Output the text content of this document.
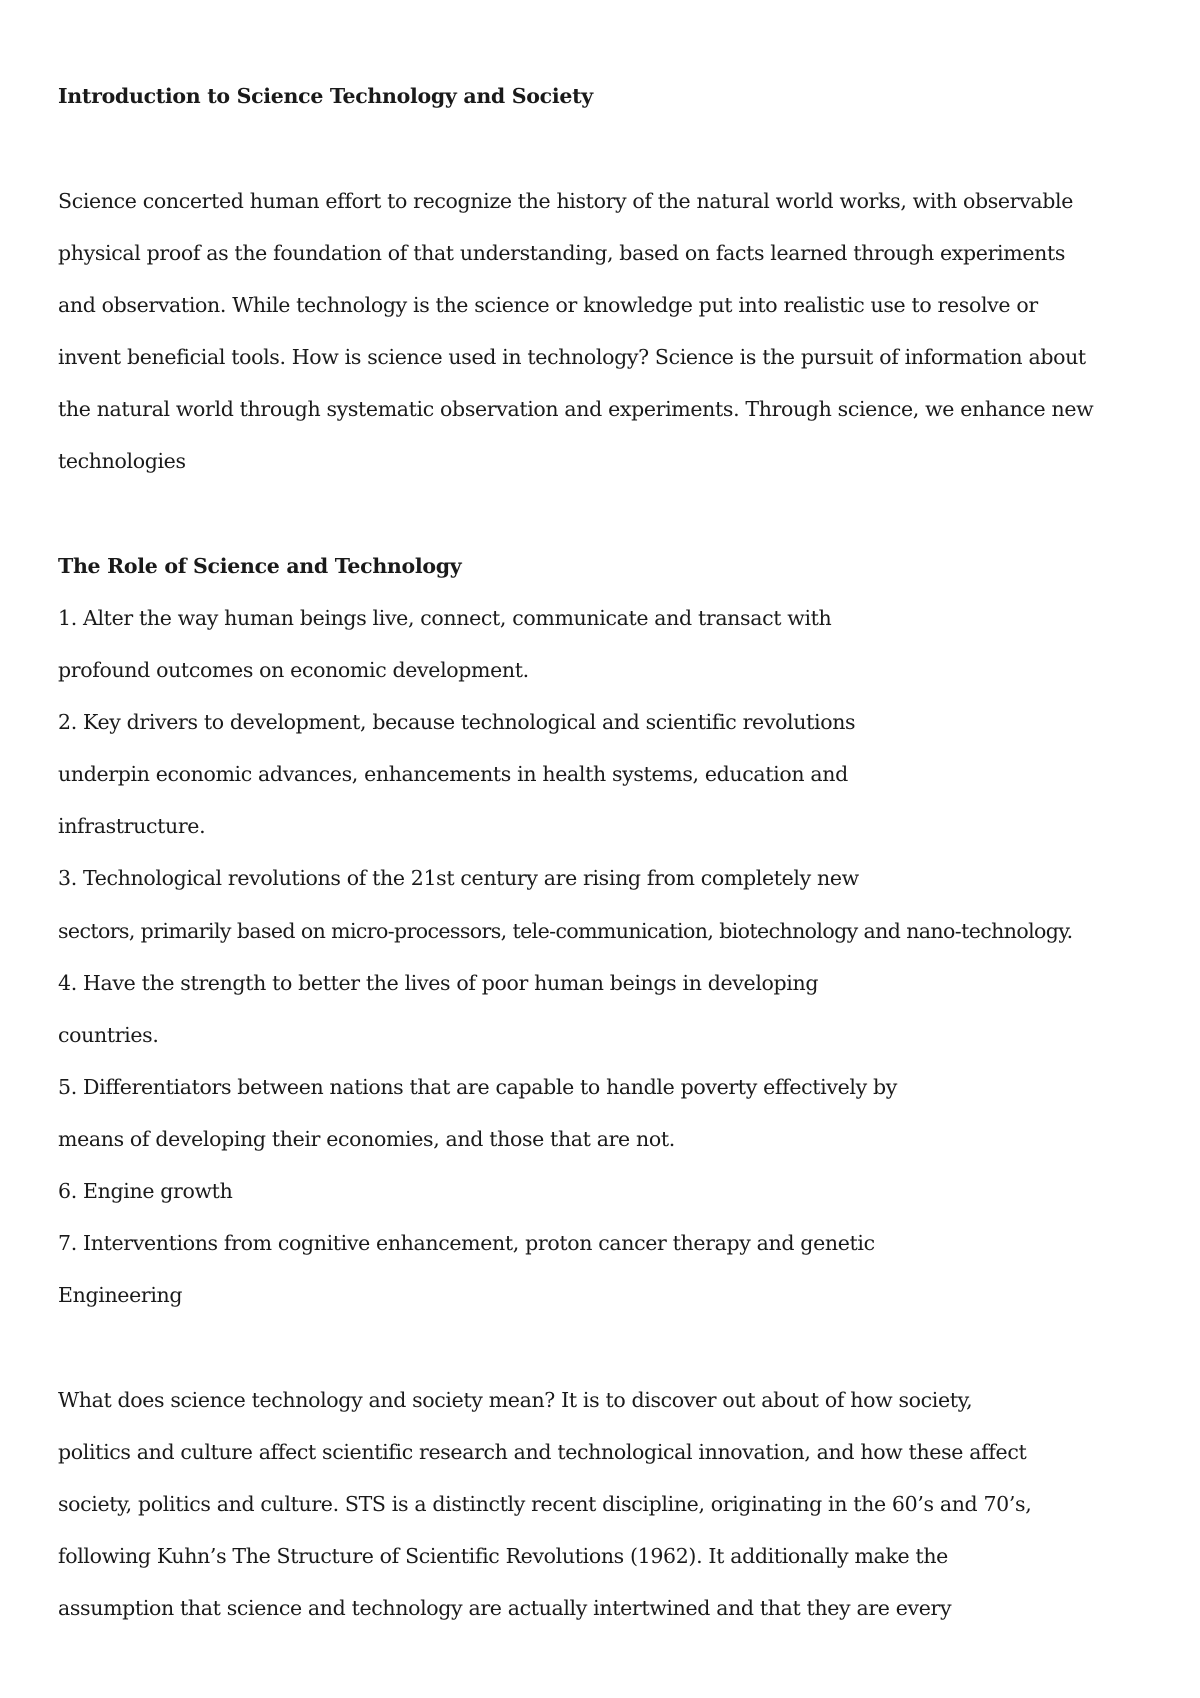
Introduction to Science Technology and Society
Science concerted human effort to recognize the history of the natural world works, with observable
physical proof as the foundation of that understanding, based on facts learned through experiments
and observation. While technology is the science or knowledge put into realistic use to resolve or
invent beneficial tools. How is science used in technology? Science is the pursuit of information about
the natural world through systematic observation and experiments. Through science, we enhance new
technologies
The Role of Science and Technology
1. Alter the way human beings live, connect, communicate and transact with
profound outcomes on economic development.
2. Key drivers to development, because technological and scientific revolutions
underpin economic advances, enhancements in health systems, education and
infrastructure.
3. Technological revolutions of the 21st century are rising from completely new
sectors, primarily based on micro-processors, tele-communication, biotechnology and nano-technology.
4. Have the strength to better the lives of poor human beings in developing
countries.
5. Differentiators between nations that are capable to handle poverty effectively by
means of developing their economies, and those that are not.
6. Engine growth
7. Interventions from cognitive enhancement, proton cancer therapy and genetic
Engineering
What does science technology and society mean? It is to discover out about of how society,
politics and culture affect scientific research and technological innovation, and how these affect
society, politics and culture. STS is a distinctly recent discipline, originating in the 60’s and 70’s,
following Kuhn’s The Structure of Scientific Revolutions (1962). It additionally make the
assumption that science and technology are actually intertwined and that they are every
